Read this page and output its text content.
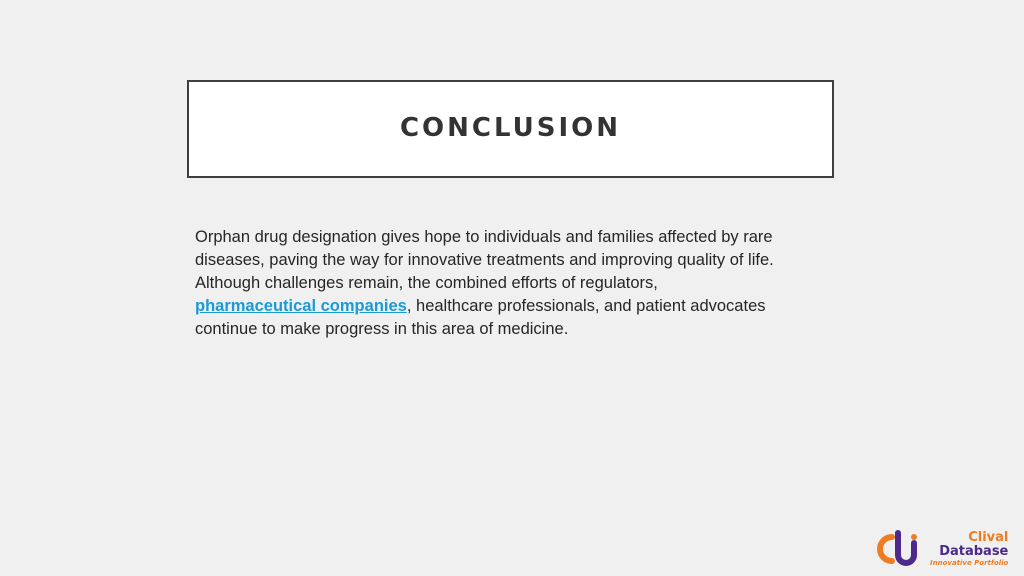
CONCLUSION

Orphan drug designation gives hope to individuals and families affected by rare diseases, paving the way for innovative treatments and improving quality of life. Although challenges remain, the combined efforts of regulators,
pharmaceutical companies, healthcare professionals, and patient advocates continue to make progress in this area of medicine.

Clival
Database
Innovative Portfolio
